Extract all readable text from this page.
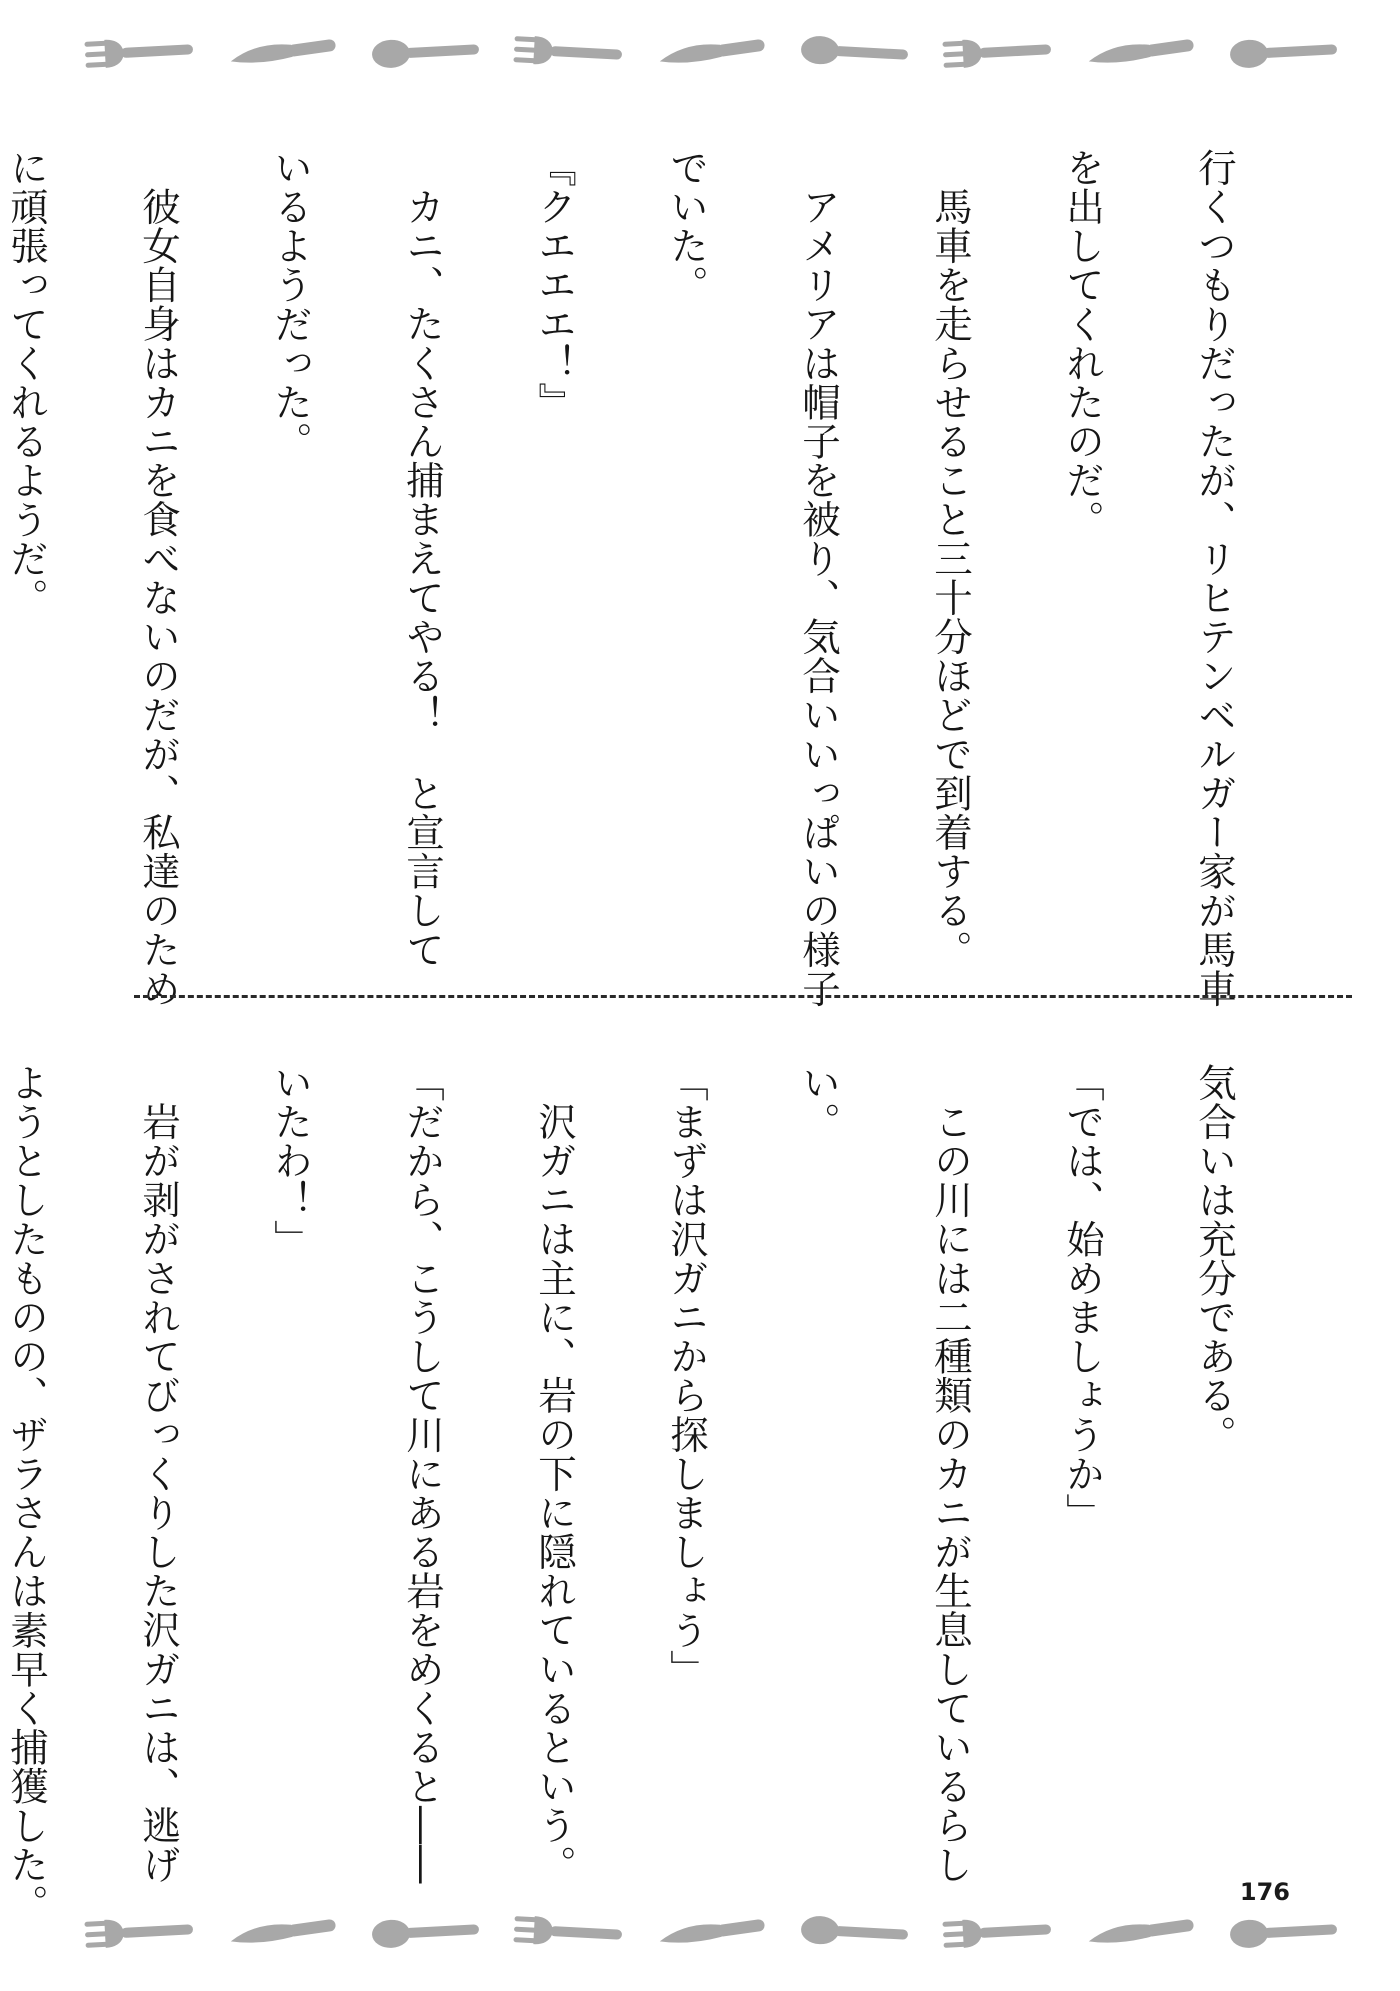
行くつもりだったが、リヒテンベルガー家が馬車
を出してくれたのだ。
馬車を走らせること三十分ほどで到着する。
アメリアは帽子を被り、気合いいっぱいの様子
でいた。
『クエエエ！』
カニ、たくさん捕まえてやる！　と宣言して
いるようだった。
彼女自身はカニを食べないのだが、私達のため
に頑張ってくれるようだ。
気合いは充分である。
「では、始めましょうか」
この川には二種類のカニが生息しているらし
い。
「まずは沢ガニから探しましょう」
沢ガニは主に、岩の下に隠れているという。
「だから、こうして川にある岩をめくると――
いたわ！」
岩が剥がされてびっくりした沢ガニは、逃げ
ようとしたものの、ザラさんは素早く捕獲した。	176
